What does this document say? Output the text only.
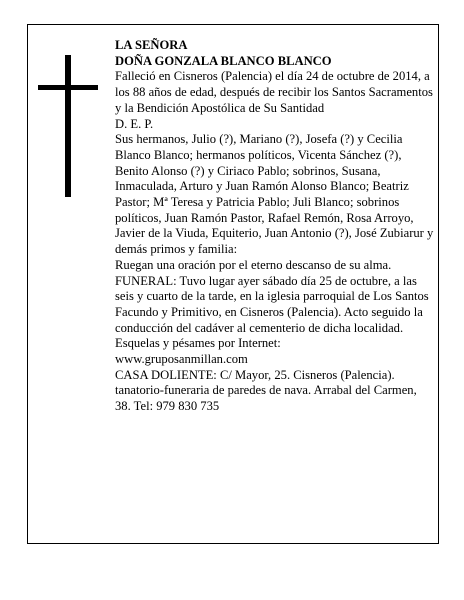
LA SEÑORA

DOÑA GONZALA BLANCO BLANCO

Falleció en Cisneros (Palencia) el día 24 de octubre de 2014, a los 88 años de edad, después de recibir los Santos Sacramentos y la Bendición Apostólica de Su Santidad

D. E. P.

Sus hermanos, Julio (?), Mariano (?), Josefa (?) y Cecilia Blanco Blanco; hermanos políticos, Vicenta Sánchez (?), Benito Alonso (?) y Ciriaco Pablo; sobrinos, Susana, Inmaculada, Arturo y Juan Ramón Alonso Blanco; Beatriz Pastor; Mª Teresa y Patricia Pablo; Juli Blanco; sobrinos políticos, Juan Ramón Pastor, Rafael Remón, Rosa Arroyo, Javier de la Viuda, Equiterio, Juan Antonio (?), José Zubiarur y demás primos y familia:

Ruegan una oración por el eterno descanso de su alma.

FUNERAL: Tuvo lugar ayer sábado día 25 de octubre, a las seis y cuarto de la tarde, en la iglesia parroquial de Los Santos Facundo y Primitivo, en Cisneros (Palencia). Acto seguido la conducción del cadáver al cementerio de dicha localidad.

Esquelas y pésames por Internet:

www.gruposanmillan.com

CASA DOLIENTE: C/ Mayor, 25. Cisneros (Palencia).

tanatorio-funeraria de paredes de nava. Arrabal del Carmen, 38. Tel: 979 830 735
